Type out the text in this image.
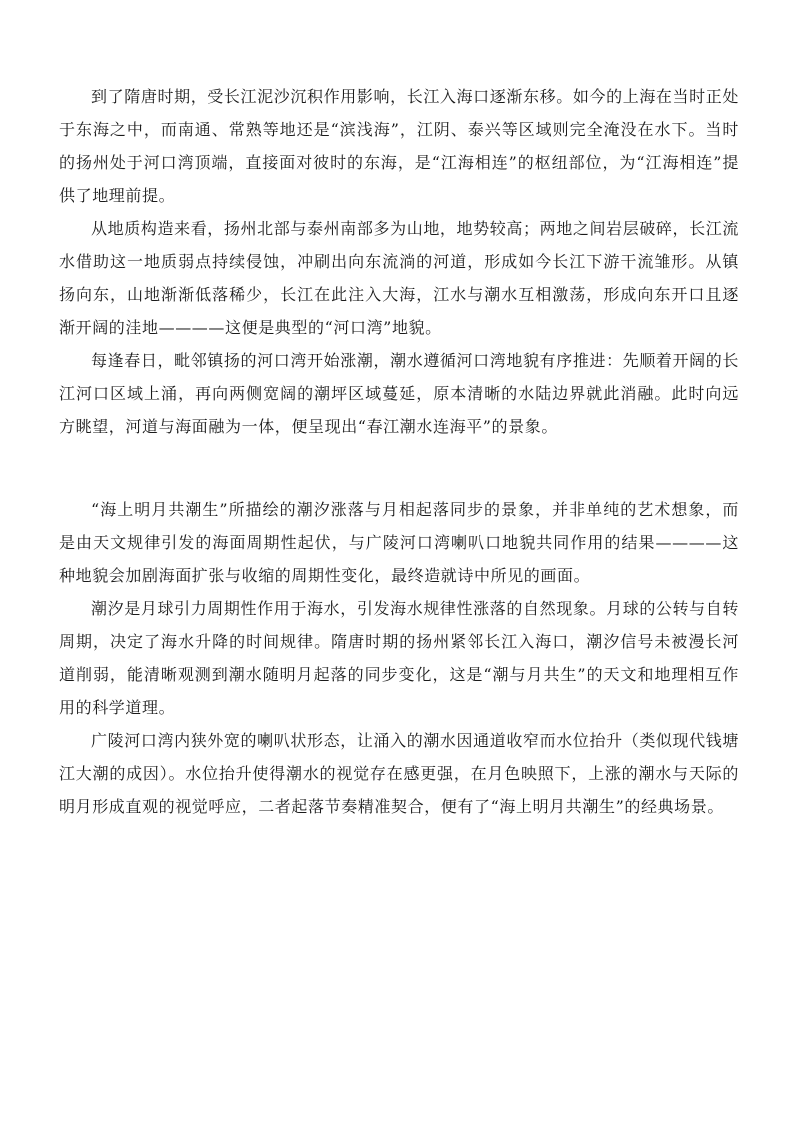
到了隋唐时期，受长江泥沙沉积作用影响，长江入海口逐渐东移。如今的上海在当时正处于东海之中，而南通、常熟等地还是“滨浅海”，江阴、泰兴等区域则完全淹没在水下。当时的扬州处于河口湾顶端，直接面对彼时的东海，是“江海相连”的枢纽部位，为“江海相连”提供了地理前提。

从地质构造来看，扬州北部与泰州南部多为山地，地势较高；两地之间岩层破碎，长江流水借助这一地质弱点持续侵蚀，冲刷出向东流淌的河道，形成如今长江下游干流雏形。从镇扬向东，山地渐渐低落稀少，长江在此注入大海，江水与潮水互相激荡，形成向东开口且逐渐开阔的洼地————这便是典型的“河口湾”地貌。

每逢春日，毗邻镇扬的河口湾开始涨潮，潮水遵循河口湾地貌有序推进：先顺着开阔的长江河口区域上涌，再向两侧宽阔的潮坪区域蔓延，原本清晰的水陆边界就此消融。此时向远方眺望，河道与海面融为一体，便呈现出“春江潮水连海平”的景象。

“海上明月共潮生”所描绘的潮汐涨落与月相起落同步的景象，并非单纯的艺术想象，而是由天文规律引发的海面周期性起伏，与广陵河口湾喇叭口地貌共同作用的结果————这种地貌会加剧海面扩张与收缩的周期性变化，最终造就诗中所见的画面。

潮汐是月球引力周期性作用于海水，引发海水规律性涨落的自然现象。月球的公转与自转周期，决定了海水升降的时间规律。隋唐时期的扬州紧邻长江入海口，潮汐信号未被漫长河道削弱，能清晰观测到潮水随明月起落的同步变化，这是“潮与月共生”的天文和地理相互作用的科学道理。

广陵河口湾内狭外宽的喇叭状形态，让涌入的潮水因通道收窄而水位抬升（类似现代钱塘江大潮的成因）。水位抬升使得潮水的视觉存在感更强，在月色映照下，上涨的潮水与天际的明月形成直观的视觉呼应，二者起落节奏精准契合，便有了“海上明月共潮生”的经典场景。
